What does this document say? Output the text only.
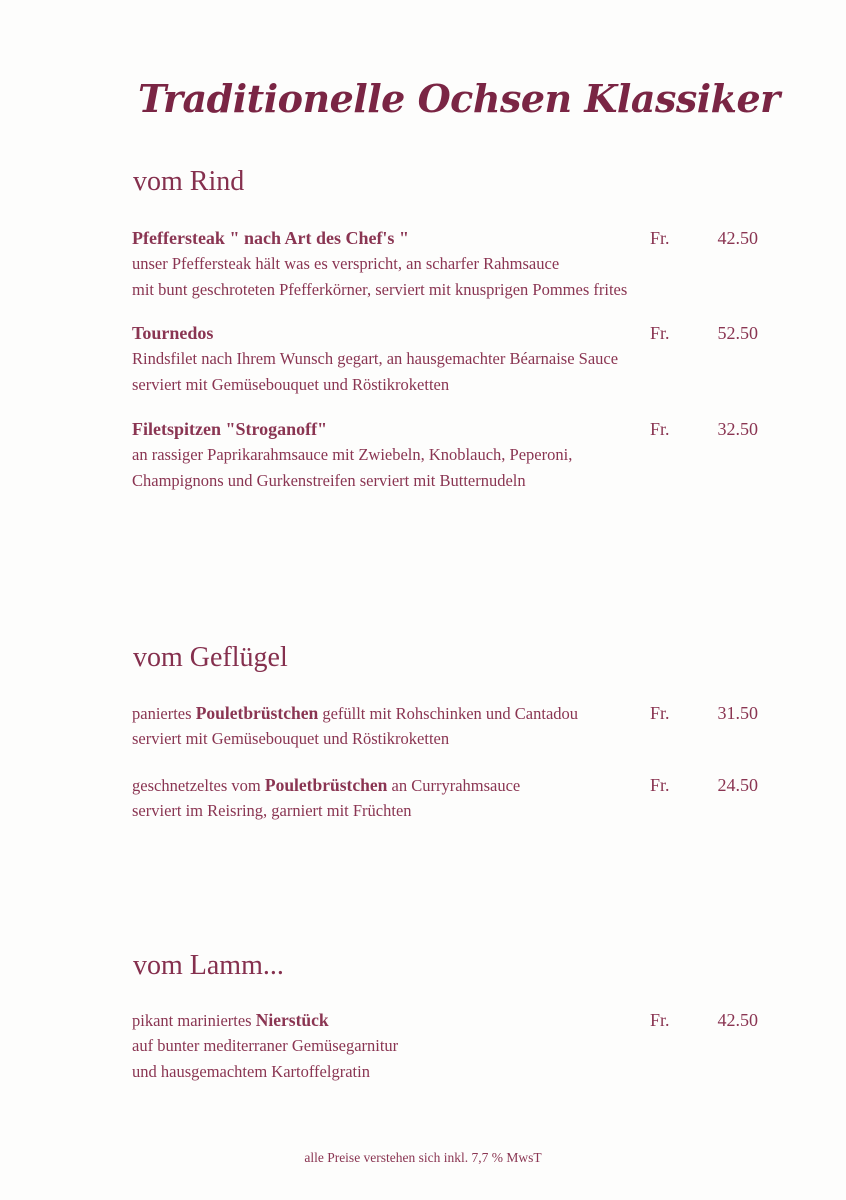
Traditionelle Ochsen Klassiker
vom Rind
Pfeffersteak " nach Art des Chef's "	Fr.	42.50
unser Pfeffersteak hält was es verspricht, an scharfer Rahmsauce
mit bunt geschroteten Pfefferkörner, serviert mit knusprigen Pommes frites
Tournedos	Fr.	52.50
Rindsfilet nach Ihrem Wunsch gegart, an hausgemachter Béarnaise Sauce
serviert mit Gemüsebouquet und Röstikroketten
Filetspitzen "Stroganoff"	Fr.	32.50
an rassiger Paprikarahmsauce mit Zwiebeln, Knoblauch, Peperoni,
Champignons und Gurkenstreifen serviert mit Butternudeln
vom Geflügel
paniertes Pouletbrüstchen gefüllt mit Rohschinken und Cantadou	Fr.	31.50
serviert mit Gemüsebouquet und Röstikroketten
geschnetzeltes vom Pouletbrüstchen an Curryrahmsauce	Fr.	24.50
serviert im Reisring, garniert mit Früchten
vom Lamm...
pikant mariniertes Nierstück	Fr.	42.50
auf bunter mediterraner Gemüsegarnitur
und hausgemachtem Kartoffelgratin
alle Preise verstehen sich inkl. 7,7 % MwsT
